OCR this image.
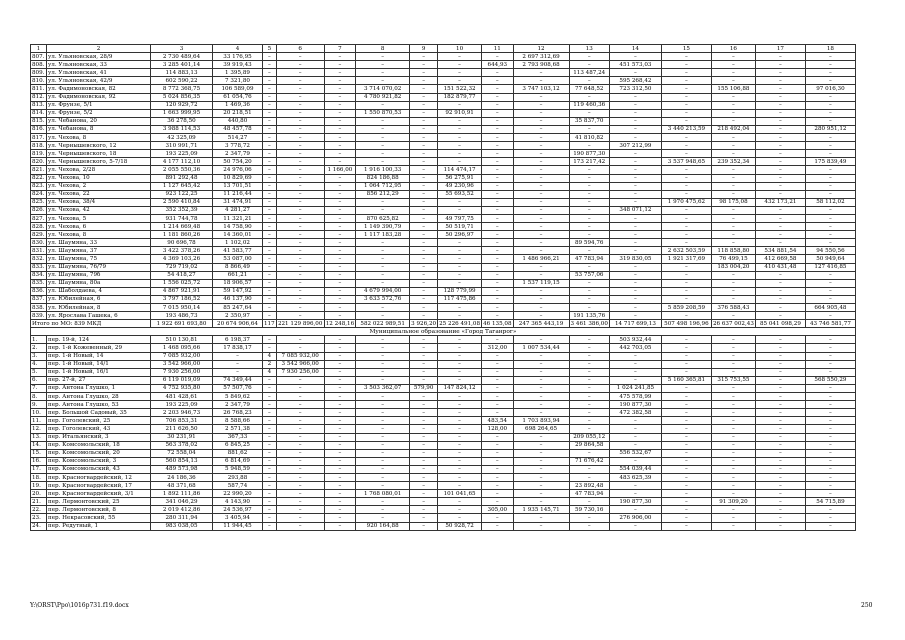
1	2	3	4	5	6	7	8	9	10	11	12	13	14	15	16	17	18
807.	ул. Ульяновская, 28/9	2 730 489,64	33 176,95	–	–	–	–	–	–	–	2 697 312,69	–	–	–	–	–	–
808.	ул. Ульяновская, 33	3 285 401,14	39 919,43	–	–	–	–	–	–	644,93	2 793 908,68	–	451 573,03	–	–	–	–
809.	ул. Ульяновская, 41	114 883,13	1 395,89	–	–	–	–	–	–	–	–	113 487,24	–	–	–	–	–
810.	ул. Ульяновская, 42/9	602 590,22	7 321,80	–	–	–	–	–	–	–	–	–	595 268,42	–	–	–	–
811.	ул. Фадимоновская, 82	8 772 368,75	106 589,09	–	–	–	3 714 070,02	–	151 522,32	–	3 747 103,12	77 648,52	723 312,50	–	155 106,88	–	97 016,30
812.	ул. Фадимоновская, 92	5 024 856,35	61 054,76	–	–	–	4 780 921,82	–	182 879,77	–	–	–	–	–	–	–	–
813.	ул. Фрунзе, 5/1	120 929,72	1 469,36	–	–	–	–	–	–	–	–	119 460,36	–	–	–	–	–
814.	ул. Фрунзе, 5/2	1 663 999,95	20 218,51	–	–	–	1 550 870,53	–	92 910,91	–	–	–	–	–	–	–	–
815.	ул. Чебанова, 20	36 278,50	440,80	–	–	–	–	–	–	–	–	35 837,70	–	–	–	–	–
816.	ул. Чебанова, 8	3 988 114,53	48 457,78	–	–	–	–	–	–	–	–	–	–	3 440 213,59	218 492,04	–	280 951,12
817.	ул. Чехова, 8	42 325,09	514,27	–	–	–	–	–	–	–	–	41 810,82	–	–	–	–	–
818.	ул. Чернышевского, 12	310 991,71	3 778,72	–	–	–	–	–	–	–	–	–	307 212,99	–	–	–	–
819.	ул. Чернышевского, 18	193 225,09	2 347,79	–	–	–	–	–	–	–	–	190 877,30	–	–	–	–	–
820.	ул. Чернышевского, 5-7/18	4 177 112,10	50 754,20	–	–	–	–	–	–	–	–	173 217,42	–	3 537 948,65	239 352,34	–	175 839,49
821.	ул. Чехова, 2/28	2 055 550,36	24 976,06	–	–	1 166,00	1 916 100,33	–	114 474,17	–	–	–	–	–	–	–	–
822.	ул. Чехова, 10	891 292,48	10 829,69	–	–	–	824 186,88	–	56 275,91	–	–	–	–	–	–	–	–
823.	ул. Чехова, 2	1 127 645,42	13 701,51	–	–	–	1 064 712,95	–	49 230,96	–	–	–	–	–	–	–	–
824.	ул. Чехова, 22	923 122,25	11 216,44	–	–	–	856 212,29	–	55 693,52	–	–	–	–	–	–	–	–
825.	ул. Чехова, 38/4	2 590 410,84	31 474,91	–	–	–	–	–	–	–	–	–	–	1 970 475,62	98 175,08	432 173,21	58 112,02
826.	ул. Чехова, 42	352 352,39	4 281,27	–	–	–	–	–	–	–	–	–	348 071,12	–	–	–	–
827.	ул. Чехова, 5	931 744,78	11 321,21	–	–	–	870 625,82	–	49 797,75	–	–	–	–	–	–	–	–
828.	ул. Чехова, 6	1 214 669,48	14 758,90	–	–	–	1 149 390,79	–	50 519,71	–	–	–	–	–	–	–	–
829.	ул. Чехова, 8	1 181 860,26	14 360,01	–	–	–	1 117 183,28	–	50 296,97	–	–	–	–	–	–	–	–
830.	ул. Шаумяна, 33	90 696,78	1 102,02	–	–	–	–	–	–	–	–	89 594,76	–	–	–	–	–
831.	ул. Шаумяна, 37	3 422 378,26	41 583,77	–	–	–	–	–	–	–	–	–	–	2 632 503,59	118 858,80	534 881,54	94 550,56
832.	ул. Шаумяна, 75	4 369 103,26	53 087,00	–	–	–	–	–	–	–	1 486 966,21	47 783,94	319 830,05	1 921 317,69	76 499,15	412 669,58	50 949,64
833.	ул. Шаумяна, 76/79	729 719,02	8 866,49	–	–	–	–	–	–	–	–	–	–	–	183 004,20	410 431,48	127 416,85
834.	ул. Шаумяна, 79б	54 418,27	661,21	–	–	–	–	–	–	–	–	53 757,06	–	–	–	–	–
835.	ул. Шаумяна, 80а	1 556 025,72	18 906,57	–	–	–	–	–	–	–	1 537 119,15	–	–	–	–	–	–
836.	ул. Шаболдаева, 4	4 867 921,91	59 147,92	–	–	–	4 679 994,00	–	128 779,99	–	–	–	–	–	–	–	–
837.	ул. Юбилейная, 6	3 797 186,52	46 137,90	–	–	–	3 633 572,76	–	117 475,86	–	–	–	–	–	–	–	–
838.	ул. Юбилейная, 8	7 015 950,14	85 247,64	–	–	–	–	–	–	–	–	–	–	5 859 208,59	376 588,43	–	664 905,48
839.	ул. Ярослава Гашека, 6	193 486,73	2 350,97	–	–	–	–	–	–	–	–	191 135,76	–	–	–	–	–
Итого по МО: 839 МКД		1 922 691 693,80	20 674 906,64	117	221 129 896,00	12 248,16	582 022 989,51	3 926,20	25 226 491,08	46 135,08	247 365 443,19	3 461 386,00	14 717 699,13	507 498 196,96	26 637 002,43	85 041 098,29	43 746 581,77
Муниципальное образование «Город Таганрог»																	
1.	пер. 19-й, 124	510 130,81	6 198,37	–	–	–	–	–	–	–	–	–	503 932,44	–	–	–	–
2.	пер. 1-й Кожевенный, 29	1 468 095,66	17 838,17	–	–	–	–	–	–	312,00	1 007 534,44	–	442 703,05	–	–	–	–
3.	пер. 1-й Новый, 14	7 085 932,00	–	4	7 085 932,00	–	–	–	–	–	–	–	–	–	–	–	–
4.	пер. 1-й Новый, 14/1	3 542 966,00	–	2	3 542 966,00	–	–	–	–	–	–	–	–	–	–	–	–
5.	пер. 1-й Новый, 16/1	7 930 256,00	–	4	7 930 256,00	–	–	–	–	–	–	–	–	–	–	–	–
6.	пер. 27-й, 27	6 119 019,09	74 349,44	–	–	–	–	–	–	–	–	–	–	5 160 365,81	315 753,55	–	568 550,29
7.	пер. Антона Глушко, 1	4 752 935,80	57 507,76	–	–	–	3 503 362,07	579,90	147 824,12	–	–	–	1 024 241,85	–	–	–	–
8.	пер. Антона Глушко, 28	481 428,61	5 849,62	–	–	–	–	–	–	–	–	–	475 578,99	–	–	–	–
9.	пер. Антона Глушко, 53	193 225,09	2 347,79	–	–	–	–	–	–	–	–	–	190 877,30	–	–	–	–
10.	пер. Большой Садовый, 35	2 203 946,73	26 768,23	–	–	–	–	–	–	–	–	–	472 382,58	–	–	–	–
11.	пер. Гоголевский, 25	706 853,31	8 588,66	–	–	–	–	–	–	483,54	1 703 893,94	–	–	–	–	–	–
12.	пер. Гоголевский, 43	211 626,50	2 571,38	–	–	–	–	–	–	128,00	698 264,65	–	–	–	–	–	–
13.	пер. Итальянский, 3	30 231,91	367,33	–	–	–	–	–	–	–	–	209 055,12	–	–	–	–	–
14.	пер. Комсомольский, 18	563 378,02	6 845,25	–	–	–	–	–	–	–	–	29 864,58	–	–	–	–	–
15.	пер. Комсомольский, 20	72 558,04	881,62	–	–	–	–	–	–	–	–	–	556 532,67	–	–	–	–
16.	пер. Комсомольский, 3	560 854,13	6 814,69	–	–	–	–	–	–	–	–	71 676,42	–	–	–	–	–
17.	пер. Комсомольский, 43	489 573,98	5 948,59	–	–	–	–	–	–	–	–	–	554 039,44	–	–	–	–
18.	пер. Красногвардейский, 12	24 186,36	293,88	–	–	–	–	–	–	–	–	–	483 625,39	–	–	–	–
19.	пер. Красногвардейский, 17	48 371,68	587,74	–	–	–	–	–	–	–	–	23 892,48	–	–	–	–	–
20.	пер. Красногвардейский, 3/1	1 892 111,86	22 990,20	–	–	–	1 768 080,01	–	101 041,65	–	–	47 783,94	–	–	–	–	–
21.	пер. Лермонтовский, 25	341 046,29	4 143,90	–	–	–	–	–	–	–	–	–	190 877,30	–	91 309,20	–	54 715,89
22.	пер. Лермонтовский, 8	2 019 412,86	24 536,97	–	–	–	–	–	–	305,00	1 935 145,71	59 730,16	–	–	–	–	–
23.	пер. Некрасовский, 55	280 311,94	3 405,94	–	–	–	–	–	–	–	–	–	276 906,00	–	–	–	–
24.	пер. Редутный, 1	983 038,05	11 944,45	–	–	–	920 164,88	–	50 928,72	–	–	–	–	–	–	–	–
Y:\ORST\Ppo\1016p731.f19.docx	250
